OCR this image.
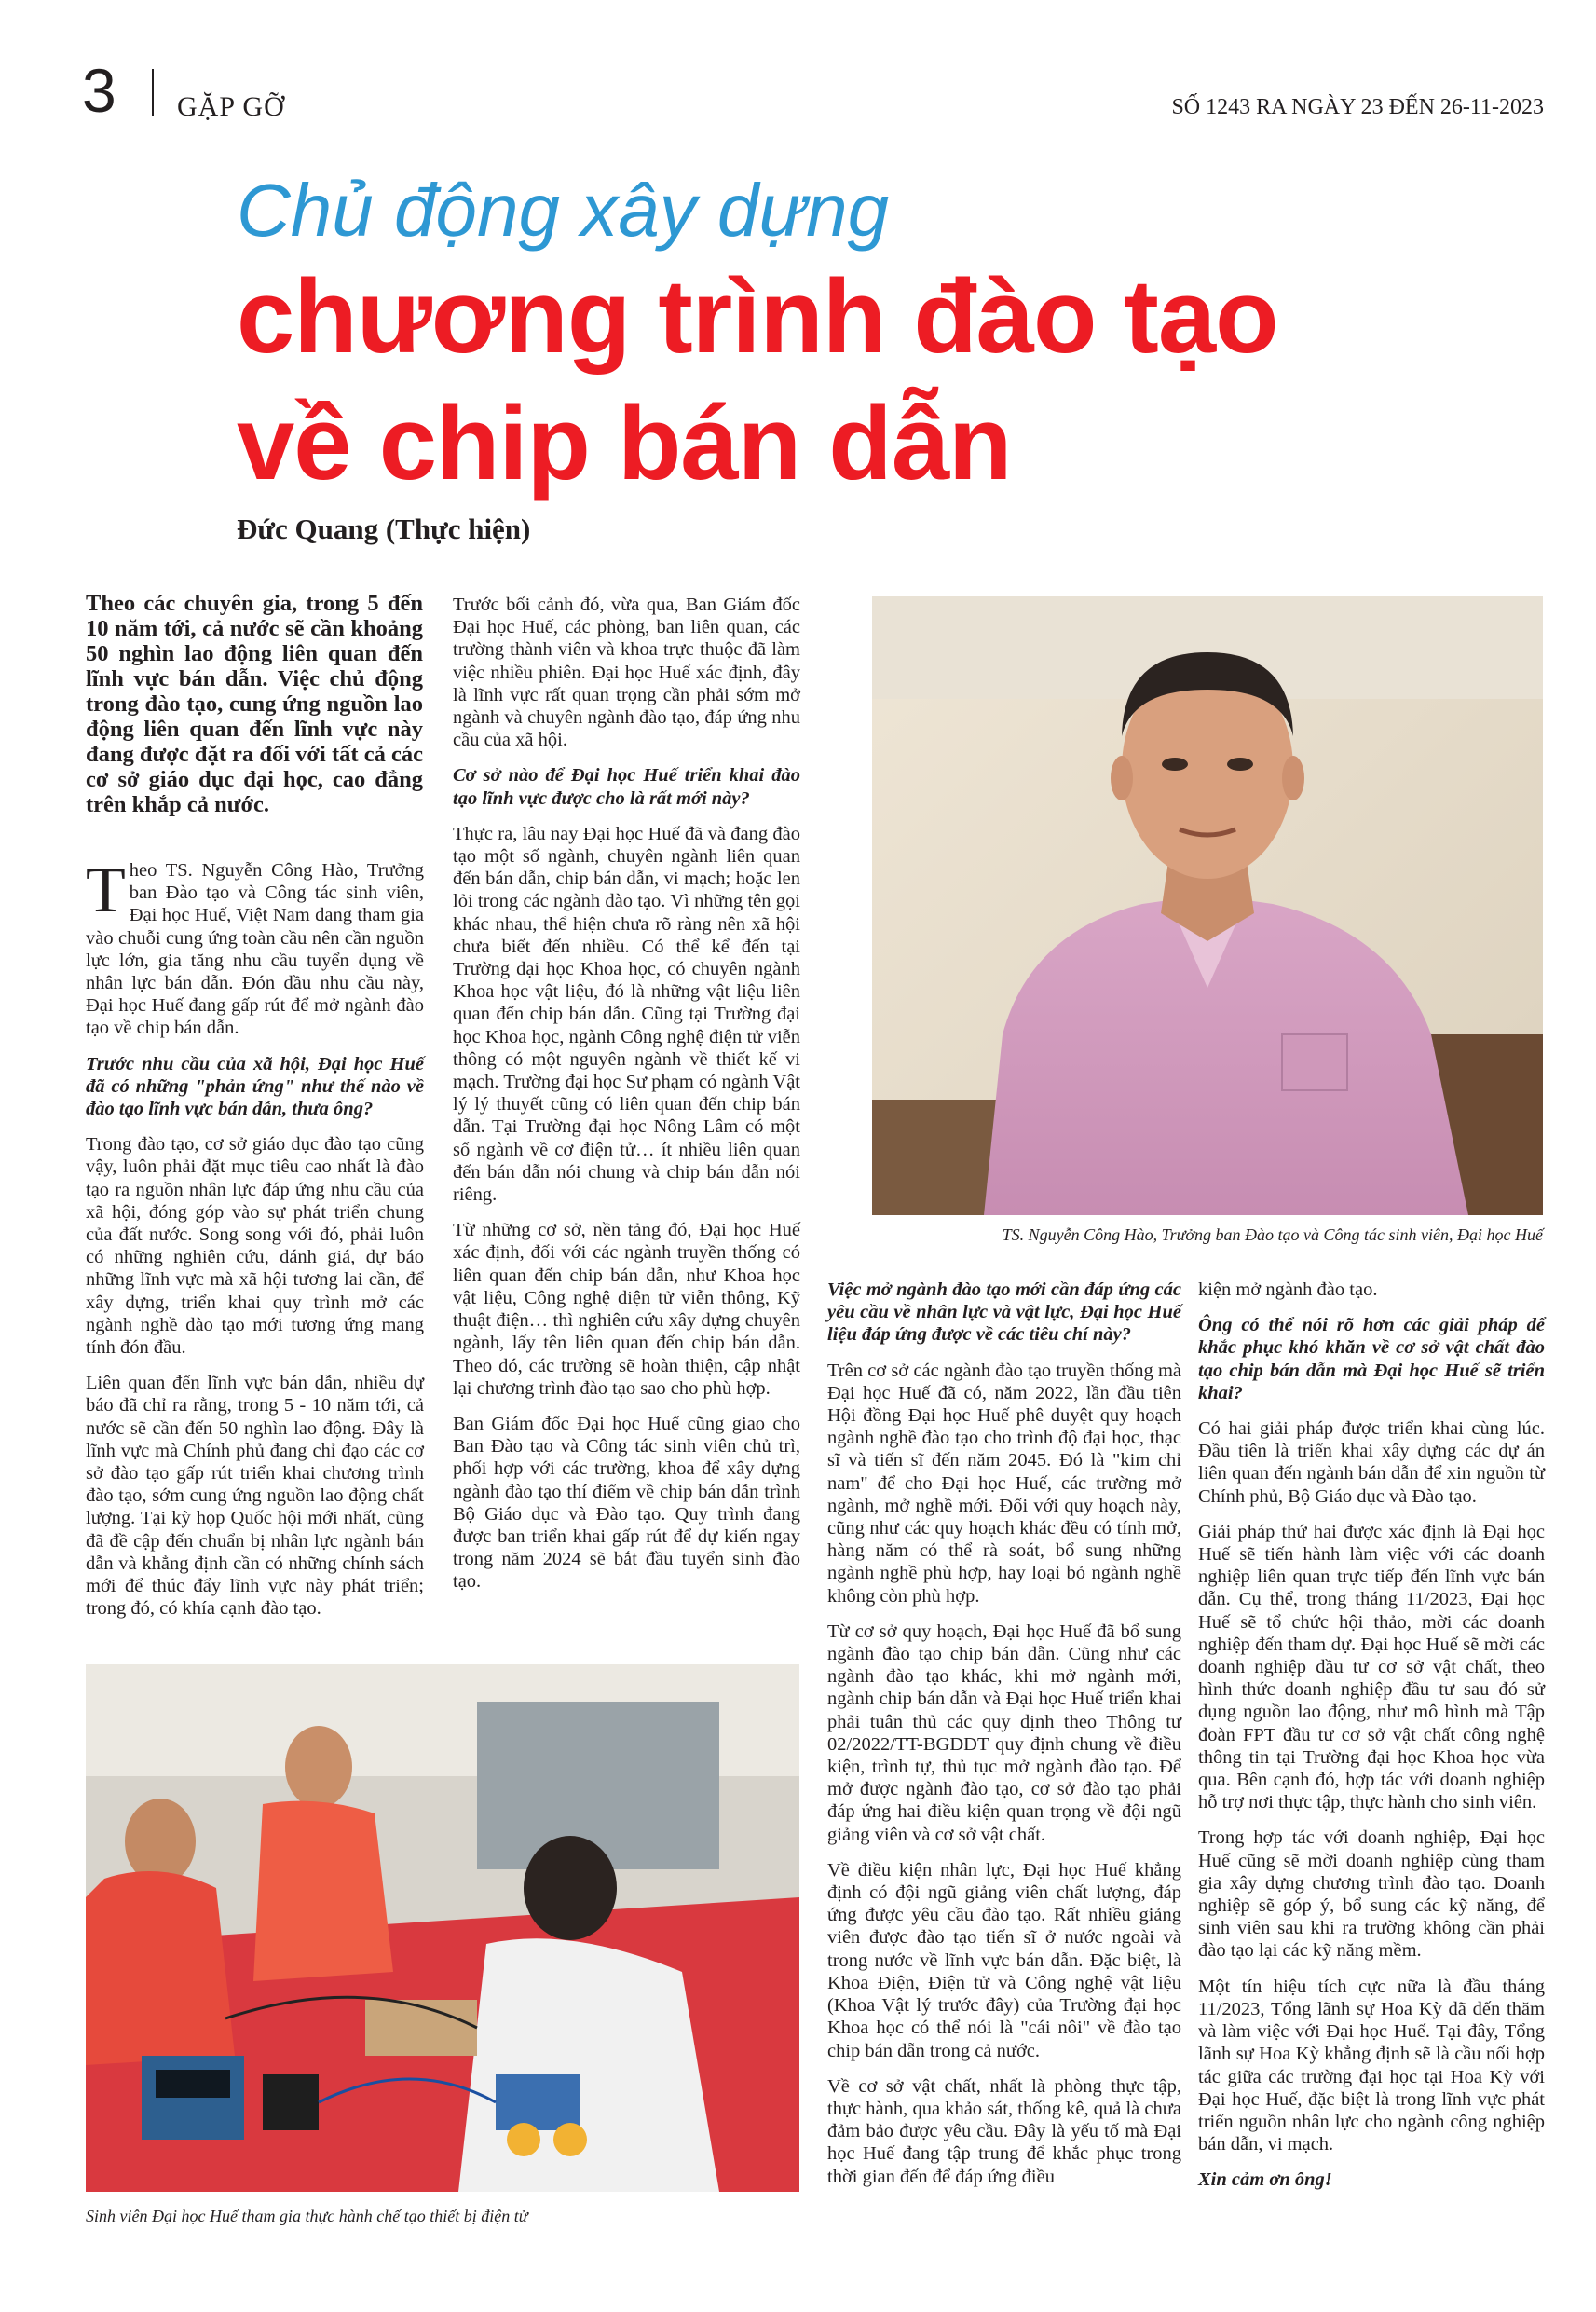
3 GẶP GỠ	SỐ 1243 RA NGÀY 23 ĐẾN 26-11-2023
Chủ động xây dựng
chương trình đào tạo
về chip bán dẫn
Đức Quang (Thực hiện)
Theo các chuyên gia, trong 5 đến 10 năm tới, cả nước sẽ cần khoảng 50 nghìn lao động liên quan đến lĩnh vực bán dẫn. Việc chủ động trong đào tạo, cung ứng nguồn lao động liên quan đến lĩnh vực này đang được đặt ra đối với tất cả các cơ sở giáo dục đại học, cao đẳng trên khắp cả nước.

Theo TS. Nguyễn Công Hào, Trưởng ban Đào tạo và Công tác sinh viên, Đại học Huế, Việt Nam đang tham gia vào chuỗi cung ứng toàn cầu nên cần nguồn lực lớn, gia tăng nhu cầu tuyển dụng về nhân lực bán dẫn. Đón đầu nhu cầu này, Đại học Huế đang gấp rút để mở ngành đào tạo về chip bán dẫn.

Trước nhu cầu của xã hội, Đại học Huế đã có những "phản ứng" như thế nào về đào tạo lĩnh vực bán dẫn, thưa ông?

Trong đào tạo, cơ sở giáo dục đào tạo cũng vậy, luôn phải đặt mục tiêu cao nhất là đào tạo ra nguồn nhân lực đáp ứng nhu cầu của xã hội, đóng góp vào sự phát triển chung của đất nước. Song song với đó, phải luôn có những nghiên cứu, đánh giá, dự báo những lĩnh vực mà xã hội tương lai cần, để xây dựng, triển khai quy trình mở các ngành nghề đào tạo mới tương ứng mang tính đón đầu.

Liên quan đến lĩnh vực bán dẫn, nhiều dự báo đã chỉ ra rằng, trong 5 - 10 năm tới, cả nước sẽ cần đến 50 nghìn lao động. Đây là lĩnh vực mà Chính phủ đang chỉ đạo các cơ sở đào tạo gấp rút triển khai chương trình đào tạo, sớm cung ứng nguồn lao động chất lượng. Tại kỳ họp Quốc hội mới nhất, cũng đã đề cập đến chuẩn bị nhân lực ngành bán dẫn và khẳng định cần có những chính sách mới để thúc đẩy lĩnh vực này phát triển; trong đó, có khía cạnh đào tạo.

Trước bối cảnh đó, vừa qua, Ban Giám đốc Đại học Huế, các phòng, ban liên quan, các trường thành viên và khoa trực thuộc đã làm việc nhiều phiên. Đại học Huế xác định, đây là lĩnh vực rất quan trọng cần phải sớm mở ngành và chuyên ngành đào tạo, đáp ứng nhu cầu của xã hội.

Cơ sở nào để Đại học Huế triển khai đào tạo lĩnh vực được cho là rất mới này?

Thực ra, lâu nay Đại học Huế đã và đang đào tạo một số ngành, chuyên ngành liên quan đến bán dẫn, chip bán dẫn, vi mạch; hoặc len lỏi trong các ngành đào tạo. Vì những tên gọi khác nhau, thể hiện chưa rõ ràng nên xã hội chưa biết đến nhiều. Có thể kể đến tại Trường đại học Khoa học, có chuyên ngành Khoa học vật liệu, đó là những vật liệu liên quan đến chip bán dẫn. Cũng tại Trường đại học Khoa học, ngành Công nghệ điện tử viễn thông có một nguyên ngành về thiết kế vi mạch. Trường đại học Sư phạm có ngành Vật lý lý thuyết cũng có liên quan đến chip bán dẫn. Tại Trường đại học Nông Lâm có một số ngành về cơ điện tử… ít nhiều liên quan đến bán dẫn nói chung và chip bán dẫn nói riêng.

Từ những cơ sở, nền tảng đó, Đại học Huế xác định, đối với các ngành truyền thống có liên quan đến chip bán dẫn, như Khoa học vật liệu, Công nghệ điện tử viễn thông, Kỹ thuật điện… thì nghiên cứu xây dựng chuyên ngành, lấy tên liên quan đến chip bán dẫn. Theo đó, các trường sẽ hoàn thiện, cập nhật lại chương trình đào tạo sao cho phù hợp.

Ban Giám đốc Đại học Huế cũng giao cho Ban Đào tạo và Công tác sinh viên chủ trì, phối hợp với các trường, khoa để xây dựng ngành đào tạo thí điểm về chip bán dẫn trình Bộ Giáo dục và Đào tạo. Quy trình đang được ban triển khai gấp rút để dự kiến ngay trong năm 2024 sẽ bắt đầu tuyển sinh đào tạo.

TS. Nguyễn Công Hào, Trưởng ban Đào tạo và Công tác sinh viên, Đại học Huế
Sinh viên Đại học Huế tham gia thực hành chế tạo thiết bị điện tử

Việc mở ngành đào tạo mới cần đáp ứng các yêu cầu về nhân lực và vật lực, Đại học Huế liệu đáp ứng được về các tiêu chí này?

Trên cơ sở các ngành đào tạo truyền thống mà Đại học Huế đã có, năm 2022, lần đầu tiên Hội đồng Đại học Huế phê duyệt quy hoạch ngành nghề đào tạo cho trình độ đại học, thạc sĩ và tiến sĩ đến năm 2045. Đó là "kim chỉ nam" để cho Đại học Huế, các trường mở ngành, mở nghề mới. Đối với quy hoạch này, cũng như các quy hoạch khác đều có tính mở, hàng năm có thể rà soát, bổ sung những ngành nghề phù hợp, hay loại bỏ ngành nghề không còn phù hợp.

Từ cơ sở quy hoạch, Đại học Huế đã bổ sung ngành đào tạo chip bán dẫn. Cũng như các ngành đào tạo khác, khi mở ngành mới, ngành chip bán dẫn và Đại học Huế triển khai phải tuân thủ các quy định theo Thông tư 02/2022/TT-BGDĐT quy định chung về điều kiện, trình tự, thủ tục mở ngành đào tạo. Để mở được ngành đào tạo, cơ sở đào tạo phải đáp ứng hai điều kiện quan trọng về đội ngũ giảng viên và cơ sở vật chất.

Về điều kiện nhân lực, Đại học Huế khẳng định có đội ngũ giảng viên chất lượng, đáp ứng được yêu cầu đào tạo. Rất nhiều giảng viên được đào tạo tiến sĩ ở nước ngoài và trong nước về lĩnh vực bán dẫn. Đặc biệt, là Khoa Điện, Điện tử và Công nghệ vật liệu (Khoa Vật lý trước đây) của Trường đại học Khoa học có thể nói là "cái nôi" về đào tạo chip bán dẫn trong cả nước.

Về cơ sở vật chất, nhất là phòng thực tập, thực hành, qua khảo sát, thống kê, quả là chưa đảm bảo được yêu cầu. Đây là yếu tố mà Đại học Huế đang tập trung để khắc phục trong thời gian đến để đáp ứng điều

kiện mở ngành đào tạo.

Ông có thể nói rõ hơn các giải pháp để khắc phục khó khăn về cơ sở vật chất đào tạo chip bán dẫn mà Đại học Huế sẽ triển khai?

Có hai giải pháp được triển khai cùng lúc. Đầu tiên là triển khai xây dựng các dự án liên quan đến ngành bán dẫn để xin nguồn từ Chính phủ, Bộ Giáo dục và Đào tạo.

Giải pháp thứ hai được xác định là Đại học Huế sẽ tiến hành làm việc với các doanh nghiệp liên quan trực tiếp đến lĩnh vực bán dẫn. Cụ thể, trong tháng 11/2023, Đại học Huế sẽ tổ chức hội thảo, mời các doanh nghiệp đến tham dự. Đại học Huế sẽ mời các doanh nghiệp đầu tư cơ sở vật chất, theo hình thức doanh nghiệp đầu tư sau đó sử dụng nguồn lao động, như mô hình mà Tập đoàn FPT đầu tư cơ sở vật chất công nghệ thông tin tại Trường đại học Khoa học vừa qua. Bên cạnh đó, hợp tác với doanh nghiệp hỗ trợ nơi thực tập, thực hành cho sinh viên.

Trong hợp tác với doanh nghiệp, Đại học Huế cũng sẽ mời doanh nghiệp cùng tham gia xây dựng chương trình đào tạo. Doanh nghiệp sẽ góp ý, bổ sung các kỹ năng, để sinh viên sau khi ra trường không cần phải đào tạo lại các kỹ năng mềm.

Một tín hiệu tích cực nữa là đầu tháng 11/2023, Tổng lãnh sự Hoa Kỳ đã đến thăm và làm việc với Đại học Huế. Tại đây, Tổng lãnh sự Hoa Kỳ khẳng định sẽ là cầu nối hợp tác giữa các trường đại học tại Hoa Kỳ với Đại học Huế, đặc biệt là trong lĩnh vực phát triển nguồn nhân lực cho ngành công nghiệp bán dẫn, vi mạch.

Xin cảm ơn ông!
